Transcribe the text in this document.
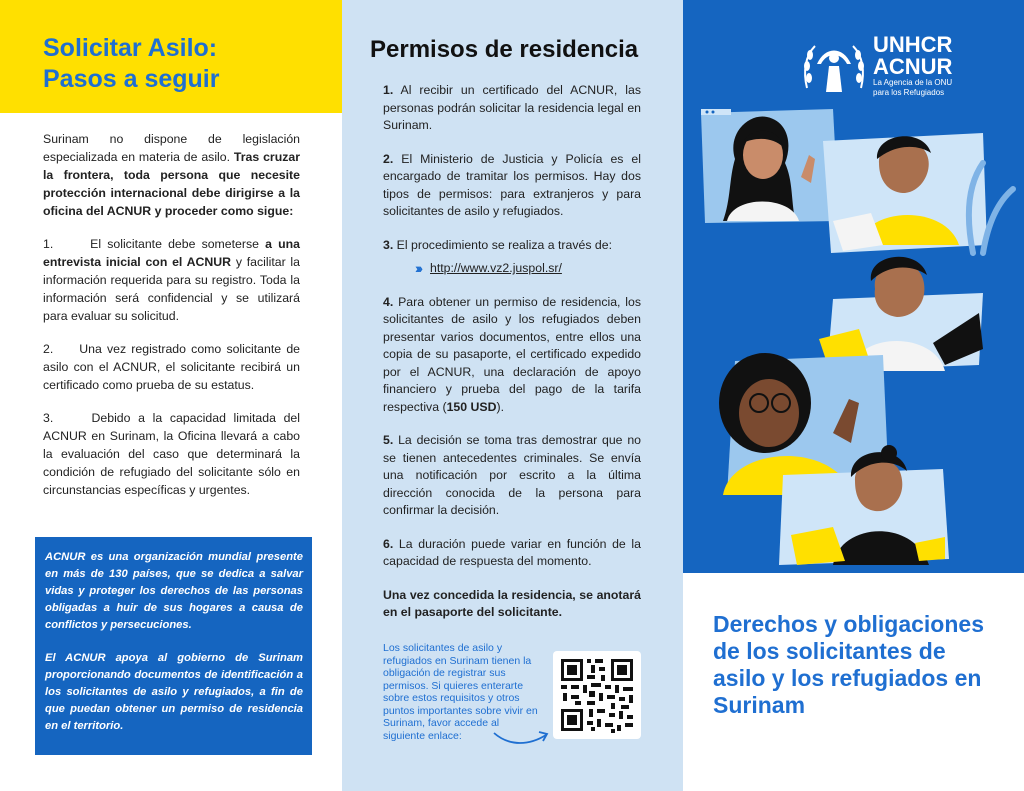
Solicitar Asilo:
Pasos a seguir

Surinam no dispone de legislación especializada en materia de asilo. Tras cruzar la frontera, toda persona que necesite protección internacional debe dirigirse a la oficina del ACNUR y proceder como sigue:

1.      El solicitante debe someterse a una entrevista inicial con el ACNUR y facilitar la información requerida para su registro. Toda la información será confidencial y se utilizará para evaluar su solicitud.

2.     Una vez registrado como solicitante de asilo con el ACNUR, el solicitante recibirá un certificado como prueba de su estatus.

3.     Debido a la capacidad limitada del ACNUR en Surinam, la Oficina llevará a cabo la evaluación del caso que determinará la condición de refugiado del solicitante sólo en circunstancias específicas y urgentes.

ACNUR es una organización mundial presente en más de 130 países, que se dedica a salvar vidas y proteger los derechos de las personas obligadas a huir de sus hogares a causa de conflictos y persecuciones.

El ACNUR apoya al gobierno de Surinam proporcionando documentos de identificación a los solicitantes de asilo y refugiados, a fin de que puedan obtener un permiso de residencia en el territorio.

Permisos de residencia

1. Al recibir un certificado del ACNUR, las personas podrán solicitar la residencia legal en Surinam.

2. El Ministerio de Justicia y Policía es el encargado de tramitar los permisos. Hay dos tipos de permisos: para extranjeros y para solicitantes de asilo y refugiados.

3. El procedimiento se realiza a través de:

››› http://www.vz2.juspol.sr/

4. Para obtener un permiso de residencia, los solicitantes de asilo y los refugiados deben presentar varios documentos, entre ellos una copia de su pasaporte, el certificado expedido por el ACNUR, una declaración de apoyo financiero y prueba del pago de la tarifa respectiva (150 USD).

5. La decisión se toma tras demostrar que no se tienen antecedentes criminales. Se envía una notificación por escrito a la última dirección conocida de la persona para confirmar la decisión.

6. La duración puede variar en función de la capacidad de respuesta del momento.

Una vez concedida la residencia, se anotará en el pasaporte del solicitante.

Los solicitantes de asilo y refugiados en Surinam tienen la obligación de registrar sus permisos. Si quieres enterarte sobre estos requisitos y otros puntos importantes sobre vivir en Surinam, favor accede al siguiente enlace:
UNHCR
ACNUR
La Agencia de la ONU
para los Refugiados
Derechos y obligaciones de los solicitantes de asilo y los refugiados en Surinam
